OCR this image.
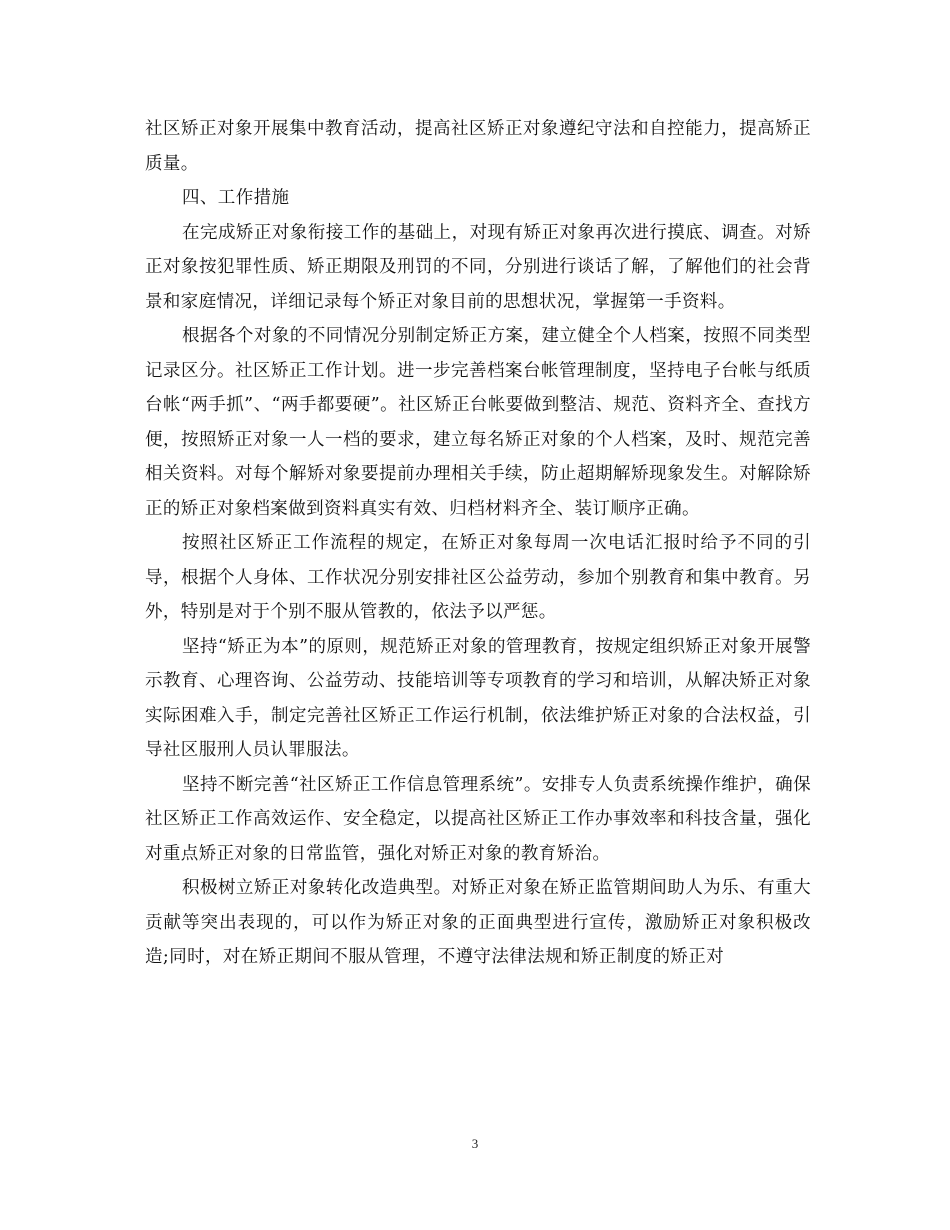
社区矫正对象开展集中教育活动，提高社区矫正对象遵纪守法和自控能力，提高矫正质量。

四、工作措施

在完成矫正对象衔接工作的基础上，对现有矫正对象再次进行摸底、调查。对矫正对象按犯罪性质、矫正期限及刑罚的不同，分别进行谈话了解，了解他们的社会背景和家庭情况，详细记录每个矫正对象目前的思想状况，掌握第一手资料。

根据各个对象的不同情况分别制定矫正方案，建立健全个人档案，按照不同类型记录区分。社区矫正工作计划。进一步完善档案台帐管理制度，坚持电子台帐与纸质台帐“两手抓”、“两手都要硬”。社区矫正台帐要做到整洁、规范、资料齐全、查找方便，按照矫正对象一人一档的要求，建立每名矫正对象的个人档案，及时、规范完善相关资料。对每个解矫对象要提前办理相关手续，防止超期解矫现象发生。对解除矫正的矫正对象档案做到资料真实有效、归档材料齐全、装订顺序正确。

按照社区矫正工作流程的规定，在矫正对象每周一次电话汇报时给予不同的引导，根据个人身体、工作状况分别安排社区公益劳动，参加个别教育和集中教育。另外，特别是对于个别不服从管教的，依法予以严惩。

坚持“矫正为本”的原则，规范矫正对象的管理教育，按规定组织矫正对象开展警示教育、心理咨询、公益劳动、技能培训等专项教育的学习和培训，从解决矫正对象实际困难入手，制定完善社区矫正工作运行机制，依法维护矫正对象的合法权益，引导社区服刑人员认罪服法。

坚持不断完善“社区矫正工作信息管理系统”。安排专人负责系统操作维护，确保社区矫正工作高效运作、安全稳定，以提高社区矫正工作办事效率和科技含量，强化对重点矫正对象的日常监管，强化对矫正对象的教育矫治。

积极树立矫正对象转化改造典型。对矫正对象在矫正监管期间助人为乐、有重大贡献等突出表现的，可以作为矫正对象的正面典型进行宣传，激励矫正对象积极改造;同时，对在矫正期间不服从管理，不遵守法律法规和矫正制度的矫正对

3
